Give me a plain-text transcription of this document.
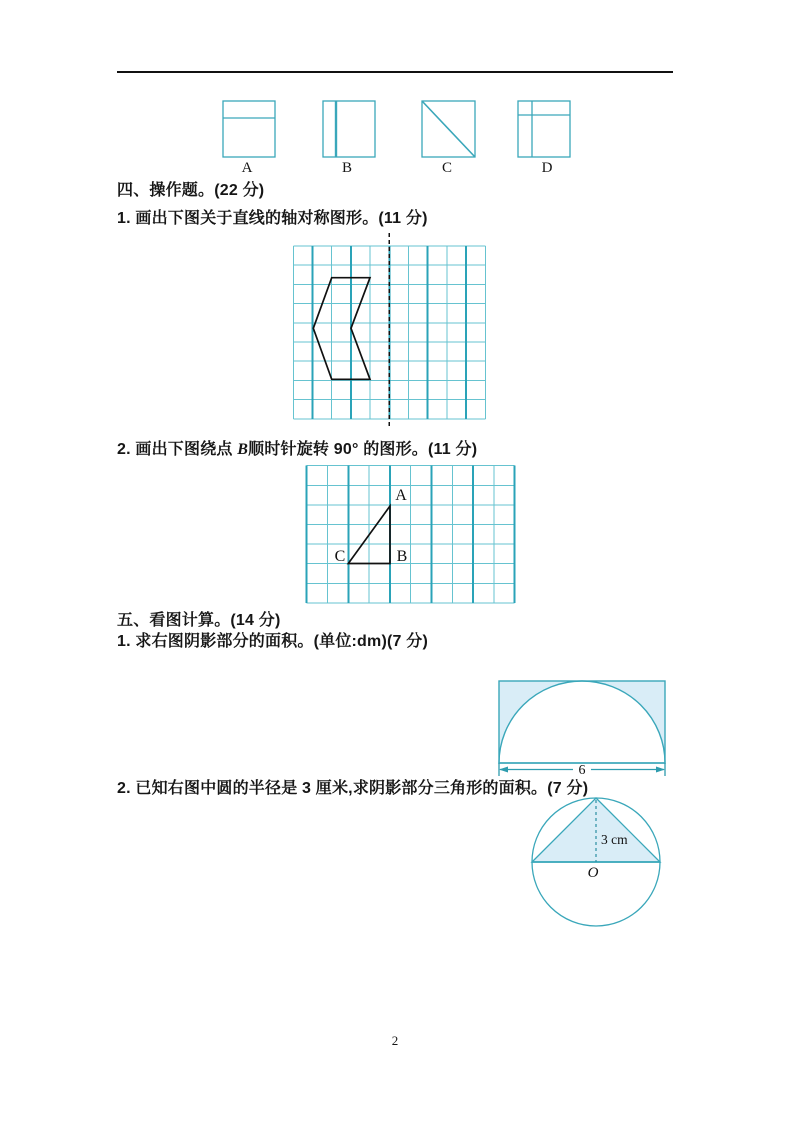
A	B	C	D
四、操作题。(22 分)
1. 画出下图关于直线的轴对称图形。(11 分)
2. 画出下图绕点 B顺时针旋转 90° 的图形。(11 分)
A
B
C
五、看图计算。(14 分)
1. 求右图阴影部分的面积。(单位:dm)(7 分)
2. 已知右图中圆的半径是 3 厘米,求阴影部分三角形的面积。(7 分)
6
3 cm
O
2
